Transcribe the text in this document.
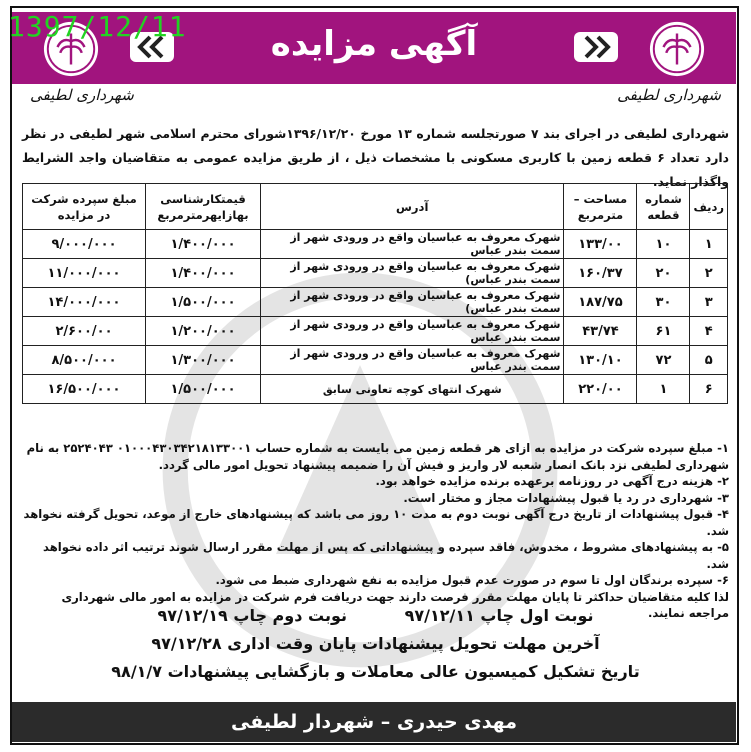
1397/12/11	آگهی مزایده
شهرداری لطیفی	شهرداری لطیفی
شهرداری لطیفی در اجرای بند ۷ صورتجلسه شماره ۱۳ مورخ ۱۳۹۶/۱۲/۲۰شورای محترم اسلامی شهر لطیفی در نظر دارد تعداد ۶ قطعه زمین با کاربری مسکونی با مشخصات ذیل ، از طریق مزایده عمومی به متقاضیان واجد الشرایط واگذار نماید.
ردیف	شماره قطعه	مساحت – مترمربع	آدرس	قیمتکارشناسی بهازایهرمترمربع	مبلغ سپرده شرکت در مزایده
۱	۱۰	۱۳۳/۰۰	شهرک معروف به عباسیان واقع در ورودی شهر از سمت بندر عباس	۱/۴۰۰/۰۰۰	۹/۰۰۰/۰۰۰
۲	۲۰	۱۶۰/۳۷	شهرک معروف به عباسیان واقع در ورودی شهر از سمت بندر عباس)	۱/۴۰۰/۰۰۰	۱۱/۰۰۰/۰۰۰
۳	۳۰	۱۸۷/۷۵	شهرک معروف به عباسیان واقع در ورودی شهر از سمت بندر عباس)	۱/۵۰۰/۰۰۰	۱۴/۰۰۰/۰۰۰
۴	۶۱	۴۳/۷۴	شهرک معروف به عباسیان واقع در ورودی شهر از سمت بندر عباس	۱/۲۰۰/۰۰۰	۲/۶۰۰/۰۰
۵	۷۲	۱۳۰/۱۰	شهرک معروف به عباسیان واقع در ورودی شهر از سمت بندر عباس	۱/۳۰۰/۰۰۰	۸/۵۰۰/۰۰۰
۶	۱	۲۲۰/۰۰	شهرک انتهای کوچه تعاونی سابق	۱/۵۰۰/۰۰۰	۱۶/۵۰۰/۰۰۰

۱- مبلغ سپرده شرکت در مزایده به ازای هر قطعه زمین می بایست به شماره حساب ۰۱۰۰۰۴۳۰۳۴۲۱۸۱۳۳۰۰۱ ۲۵۲۴۰۴۳ به نام شهرداری لطیفی نزد بانک انصار شعبه لار واریز و فیش آن را ضمیمه پیشنهاد تحویل امور مالی گردد.

۲- هزینه درج آگهی در روزنامه برعهده برنده مزایده خواهد بود.

۳- شهرداری در رد یا قبول پیشنهادات مجاز و مختار است.

۴- قبول پیشنهادات از تاریخ درج آگهی نوبت دوم به مدت ۱۰ روز می باشد که پیشنهادهای خارج از موعد، تحویل گرفته نخواهد شد.

۵- به پیشنهادهای مشروط ، مخدوش، فاقد سپرده و پیشنهاداتی که پس از مهلت مقرر ارسال شوند ترتیب اثر داده نخواهد شد.

۶- سپرده برندگان اول تا سوم در صورت عدم قبول مزایده به نفع شهرداری ضبط می شود.

لذا کلیه متقاضیان حداکثر تا پایان مهلت مقرر فرصت دارند جهت دریافت فرم شرکت در مزایده به امور مالی شهرداری مراجعه نمایند.

نوبت اول چاپ ۹۷/۱۲/۱۱ نوبت دوم چاپ ۹۷/۱۲/۱۹
آخرین مهلت تحویل پیشنهادات پایان وقت اداری ۹۷/۱۲/۲۸
تاریخ تشکیل کمیسیون عالی معاملات و بازگشایی پیشنهادات ۹۸/۱/۷
مهدی حیدری – شهردار لطیفی
